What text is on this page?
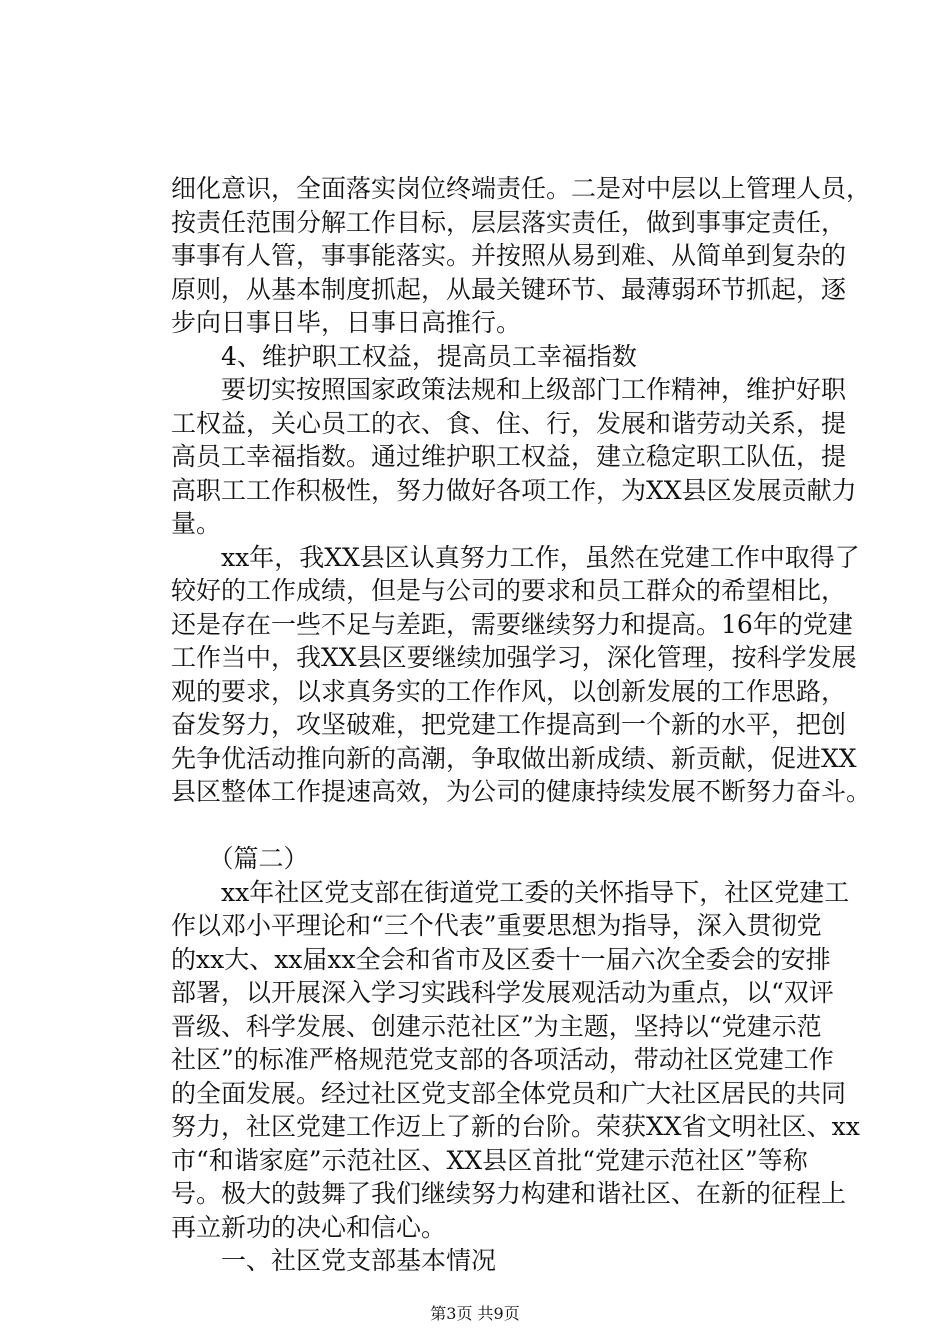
细化意识，全面落实岗位终端责任。二是对中层以上管理人员，
按责任范围分解工作目标，层层落实责任，做到事事定责任，
事事有人管，事事能落实。并按照从易到难、从简单到复杂的
原则，从基本制度抓起，从最关键环节、最薄弱环节抓起，逐
步向日事日毕，日事日高推行。
　　4、维护职工权益，提高员工幸福指数
　　要切实按照国家政策法规和上级部门工作精神，维护好职
工权益，关心员工的衣、食、住、行，发展和谐劳动关系，提
高员工幸福指数。通过维护职工权益，建立稳定职工队伍，提
高职工工作积极性，努力做好各项工作，为XX县区发展贡献力
量。
　　xx年，我XX县区认真努力工作，虽然在党建工作中取得了
较好的工作成绩，但是与公司的要求和员工群众的希望相比，
还是存在一些不足与差距，需要继续努力和提高。16年的党建
工作当中，我XX县区要继续加强学习，深化管理，按科学发展
观的要求，以求真务实的工作作风，以创新发展的工作思路，
奋发努力，攻坚破难，把党建工作提高到一个新的水平，把创
先争优活动推向新的高潮，争取做出新成绩、新贡献，促进XX
县区整体工作提速高效，为公司的健康持续发展不断努力奋斗。
　　（篇二）
　　xx年社区党支部在街道党工委的关怀指导下，社区党建工
作以邓小平理论和“三个代表”重要思想为指导，深入贯彻党
的xx大、xx届xx全会和省市及区委十一届六次全委会的安排
部署，以开展深入学习实践科学发展观活动为重点，以“双评
晋级、科学发展、创建示范社区”为主题，坚持以“党建示范
社区”的标准严格规范党支部的各项活动，带动社区党建工作
的全面发展。经过社区党支部全体党员和广大社区居民的共同
努力，社区党建工作迈上了新的台阶。荣获XX省文明社区、xx
市“和谐家庭”示范社区、XX县区首批“党建示范社区”等称
号。极大的鼓舞了我们继续努力构建和谐社区、在新的征程上
再立新功的决心和信心。
　　一、社区党支部基本情况
第3页 共9页
